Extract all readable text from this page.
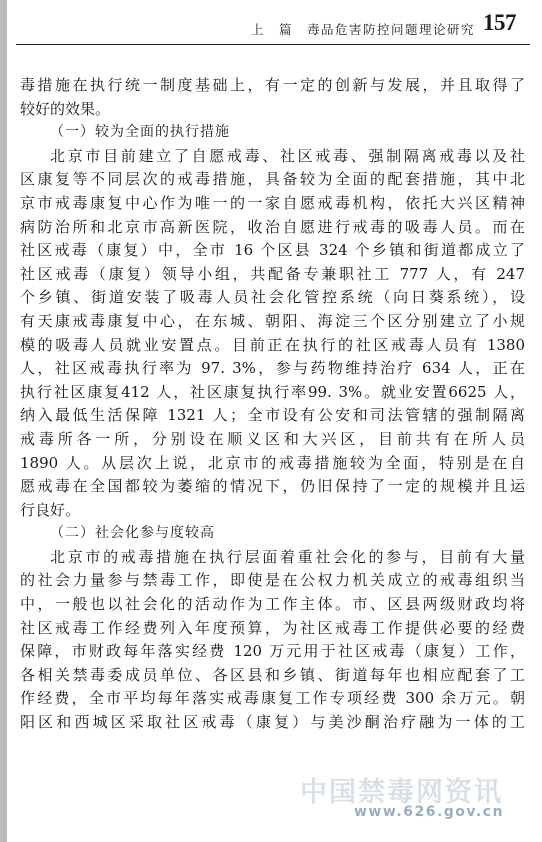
上　篇　毒品危害防控问题理论研究 157
毒措施在执行统一制度基础上，有一定的创新与发展，并且取得了
较好的效果。
（一）较为全面的执行措施
北京市目前建立了自愿戒毒、社区戒毒、强制隔离戒毒以及社
区康复等不同层次的戒毒措施，具备较为全面的配套措施，其中北
京市戒毒康复中心作为唯一的一家自愿戒毒机构，依托大兴区精神
病防治所和北京市高新医院，收治自愿进行戒毒的吸毒人员。而在
社区戒毒（康复）中，全市 16 个区县 324 个乡镇和街道都成立了
社区戒毒（康复）领导小组，共配备专兼职社工 777 人，有 247
个乡镇、街道安装了吸毒人员社会化管控系统（向日葵系统），设
有天康戒毒康复中心，在东城、朝阳、海淀三个区分别建立了小规
模的吸毒人员就业安置点。目前正在执行的社区戒毒人员有 1380
人，社区戒毒执行率为 97. 3%，参与药物维持治疗 634 人，正在
执行社区康复412 人，社区康复执行率99. 3%。就业安置6625 人，
纳入最低生活保障 1321 人；全市设有公安和司法管辖的强制隔离
戒毒所各一所，分别设在顺义区和大兴区，目前共有在所人员
1890 人。从层次上说，北京市的戒毒措施较为全面，特别是在自
愿戒毒在全国都较为萎缩的情况下，仍旧保持了一定的规模并且运
行良好。
（二）社会化参与度较高
北京市的戒毒措施在执行层面着重社会化的参与，目前有大量
的社会力量参与禁毒工作，即使是在公权力机关成立的戒毒组织当
中，一般也以社会化的活动作为工作主体。市、区县两级财政均将
社区戒毒工作经费列入年度预算，为社区戒毒工作提供必要的经费
保障，市财政每年落实经费 120 万元用于社区戒毒（康复）工作，
各相关禁毒委成员单位、各区县和乡镇、街道每年也相应配套了工
作经费，全市平均每年落实戒毒康复工作专项经费 300 余万元。朝
阳区和西城区采取社区戒毒（康复）与美沙酮治疗融为一体的工
中国禁毒网资讯
www.626.gov.cn
